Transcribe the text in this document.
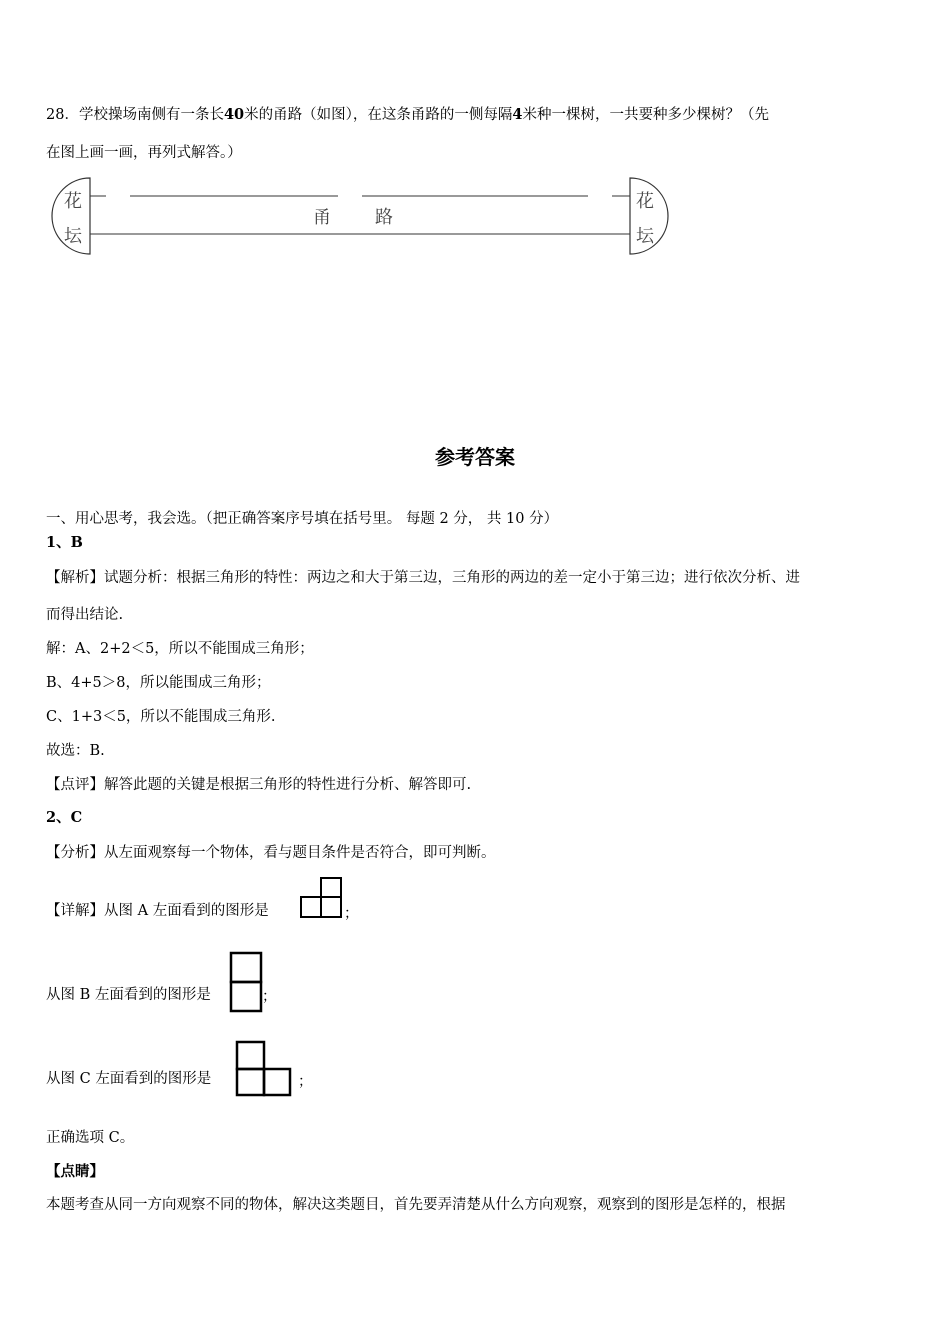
28．学校操场南侧有一条长40米的甬路（如图），在这条甬路的一侧每隔4米种一棵树，一共要种多少棵树？（先
在图上画一画，再列式解答。）
花
坛
花
坛
甬 路
参考答案
一、用心思考，我会选。（把正确答案序号填在括号里。 每题 2 分， 共 10 分）
1、B
【解析】试题分析：根据三角形的特性：两边之和大于第三边，三角形的两边的差一定小于第三边；进行依次分析、进
而得出结论.
解：A、2+2＜5，所以不能围成三角形；
B、4+5＞8，所以能围成三角形；
C、1+3＜5，所以不能围成三角形.
故选：B.
【点评】解答此题的关键是根据三角形的特性进行分析、解答即可.
2、C
【分析】从左面观察每一个物体，看与题目条件是否符合，即可判断。
【详解】从图 A 左面看到的图形是	；
从图 B 左面看到的图形是	；
从图 C 左面看到的图形是	；
正确选项 C。
【点睛】
本题考查从同一方向观察不同的物体，解决这类题目，首先要弄清楚从什么方向观察，观察到的图形是怎样的，根据
